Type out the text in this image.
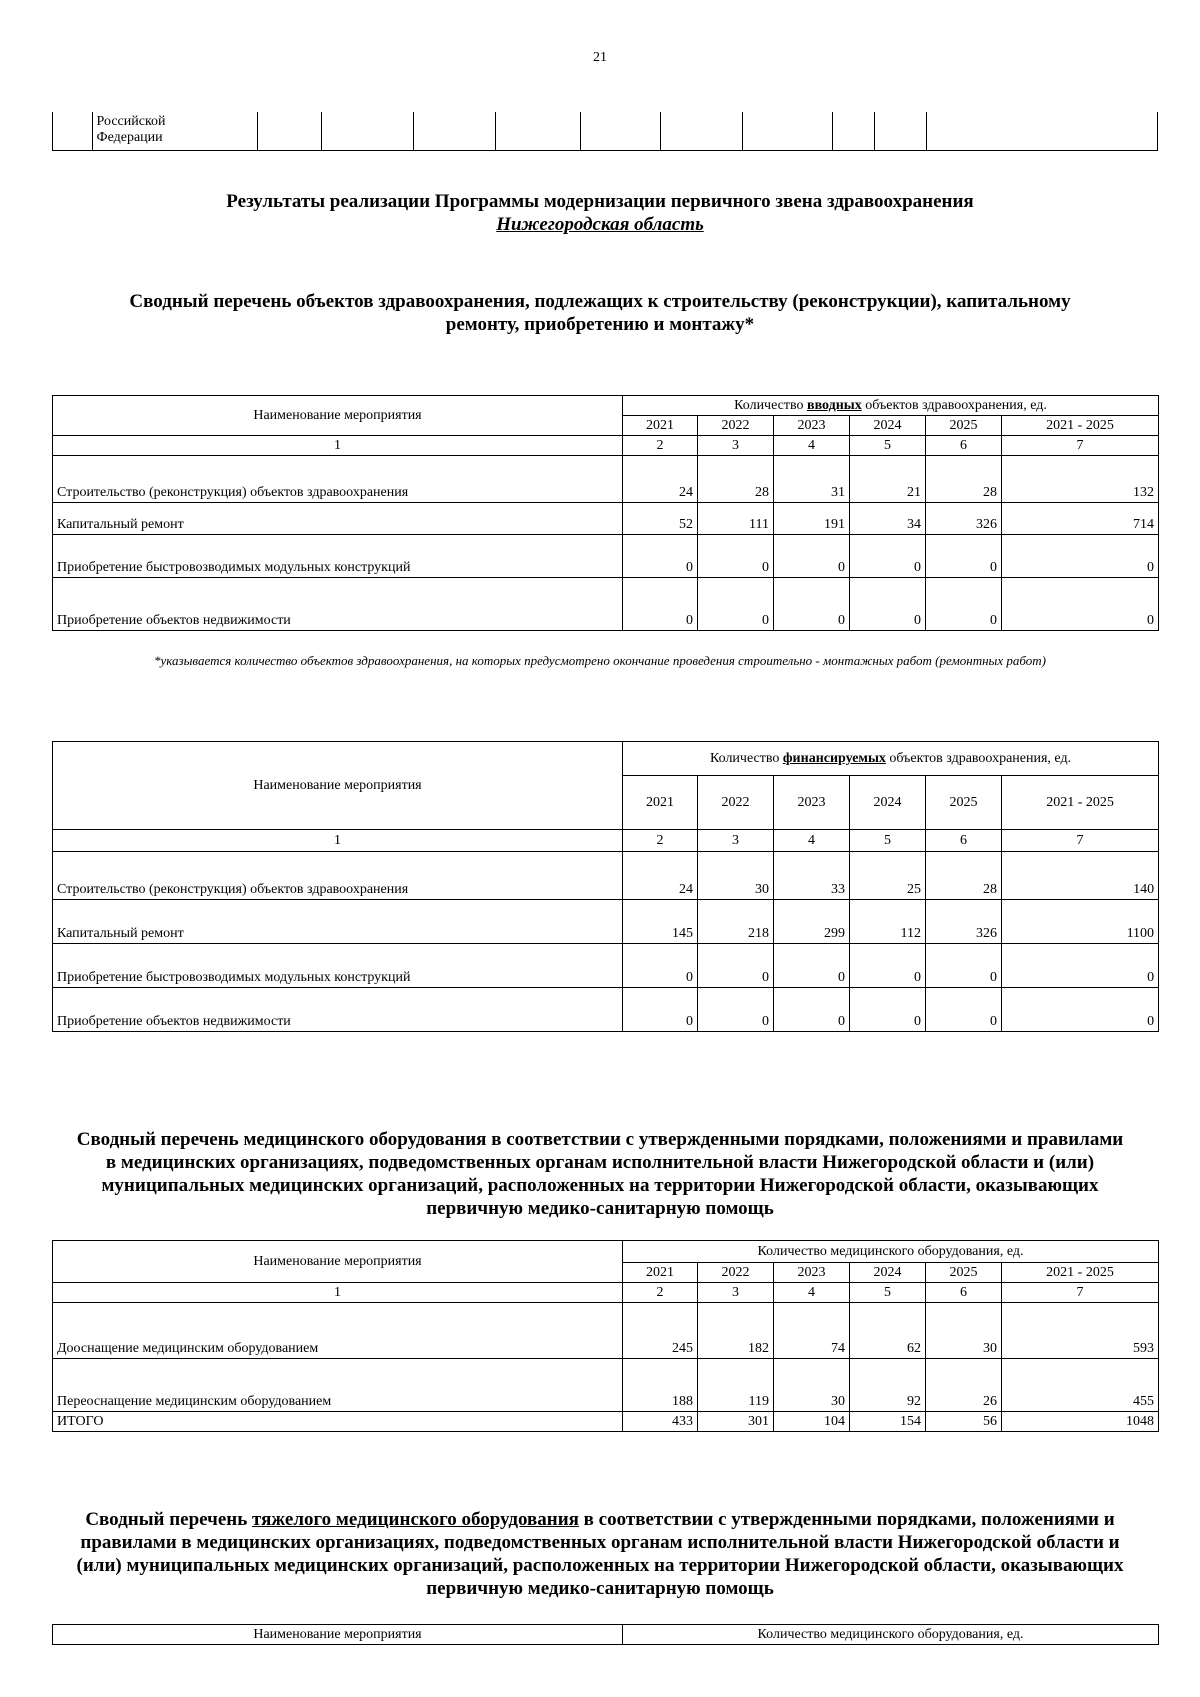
21

Российской
Федерации

Результаты реализации Программы модернизации первичного звена здравоохранения
Нижегородская область
Сводный перечень объектов здравоохранения, подлежащих к строительству (реконструкции), капитальному ремонту, приобретению и монтажу*
Наименование мероприятия	Количество вводных объектов здравоохранения, ед.					
	2021	2022	2023	2024	2025	2021 - 2025
1	2	3	4	5	6	7
Строительство (реконструкция) объектов здравоохранения	24	28	31	21	28	132
Капитальный ремонт	52	111	191	34	326	714
Приобретение быстровозводимых модульных конструкций	0	0	0	0	0	0
Приобретение объектов недвижимости	0	0	0	0	0	0
*указывается количество объектов здравоохранения, на которых предусмотрено окончание проведения строительно - монтажных работ (ремонтных работ)
Наименование мероприятия	Количество финансируемых объектов здравоохранения, ед.					
	2021	2022	2023	2024	2025	2021 - 2025
1	2	3	4	5	6	7
Строительство (реконструкция) объектов здравоохранения	24	30	33	25	28	140
Капитальный ремонт	145	218	299	112	326	1100
Приобретение быстровозводимых модульных конструкций	0	0	0	0	0	0
Приобретение объектов недвижимости	0	0	0	0	0	0
Сводный перечень медицинского оборудования в соответствии с утвержденными порядками, положениями и правилами в медицинских организациях, подведомственных органам исполнительной власти Нижегородской области и (или) муниципальных медицинских организаций, расположенных на территории Нижегородской области, оказывающих первичную медико-санитарную помощь
Наименование мероприятия	Количество медицинского оборудования, ед.					
	2021	2022	2023	2024	2025	2021 - 2025
1	2	3	4	5	6	7
Дооснащение медицинским оборудованием	245	182	74	62	30	593
Переоснащение медицинским оборудованием	188	119	30	92	26	455
ИТОГО	433	301	104	154	56	1048
Сводный перечень тяжелого медицинского оборудования в соответствии с утвержденными порядками, положениями и правилами в медицинских организациях, подведомственных органам исполнительной власти Нижегородской области и (или) муниципальных медицинских организаций, расположенных на территории Нижегородской области, оказывающих первичную медико-санитарную помощь
Наименование мероприятия	Количество медицинского оборудования, ед.
